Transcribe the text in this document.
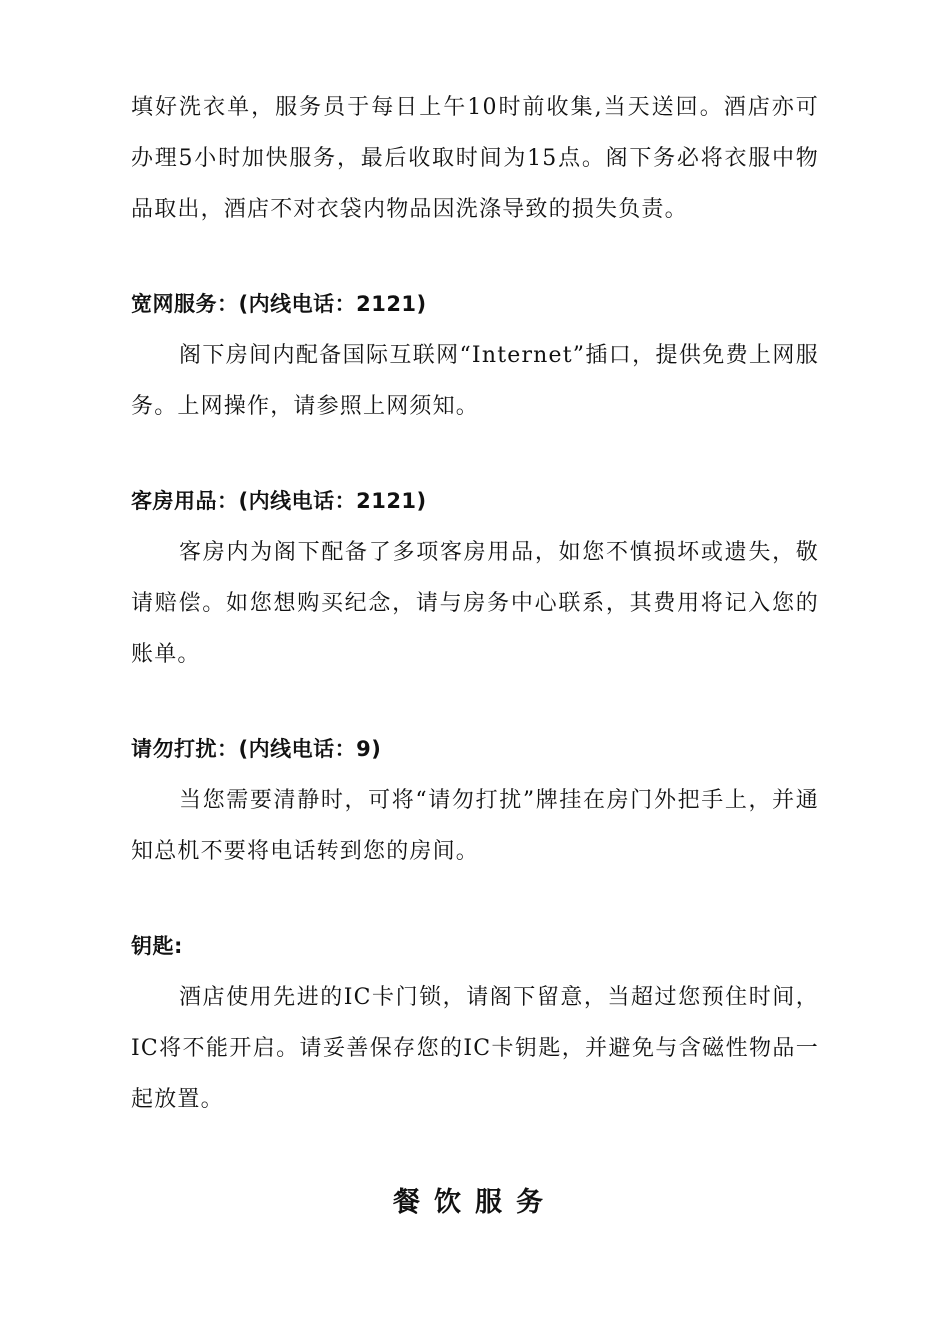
填好洗衣单，服务员于每日上午10时前收集,当天送回。酒店亦可办理5小时加快服务，最后收取时间为15点。阁下务必将衣服中物品取出，酒店不对衣袋内物品因洗涤导致的损失负责。

宽网服务：(内线电话：2121)

阁下房间内配备国际互联网“Internet”插口，提供免费上网服务。上网操作，请参照上网须知。

客房用品：(内线电话：2121)

客房内为阁下配备了多项客房用品，如您不慎损坏或遗失，敬请赔偿。如您想购买纪念，请与房务中心联系，其费用将记入您的账单。

请勿打扰：(内线电话：9)

当您需要清静时，可将“请勿打扰”牌挂在房门外把手上，并通知总机不要将电话转到您的房间。

钥匙:

酒店使用先进的IC卡门锁，请阁下留意，当超过您预住时间，IC将不能开启。请妥善保存您的IC卡钥匙，并避免与含磁性物品一起放置。

餐饮服务
